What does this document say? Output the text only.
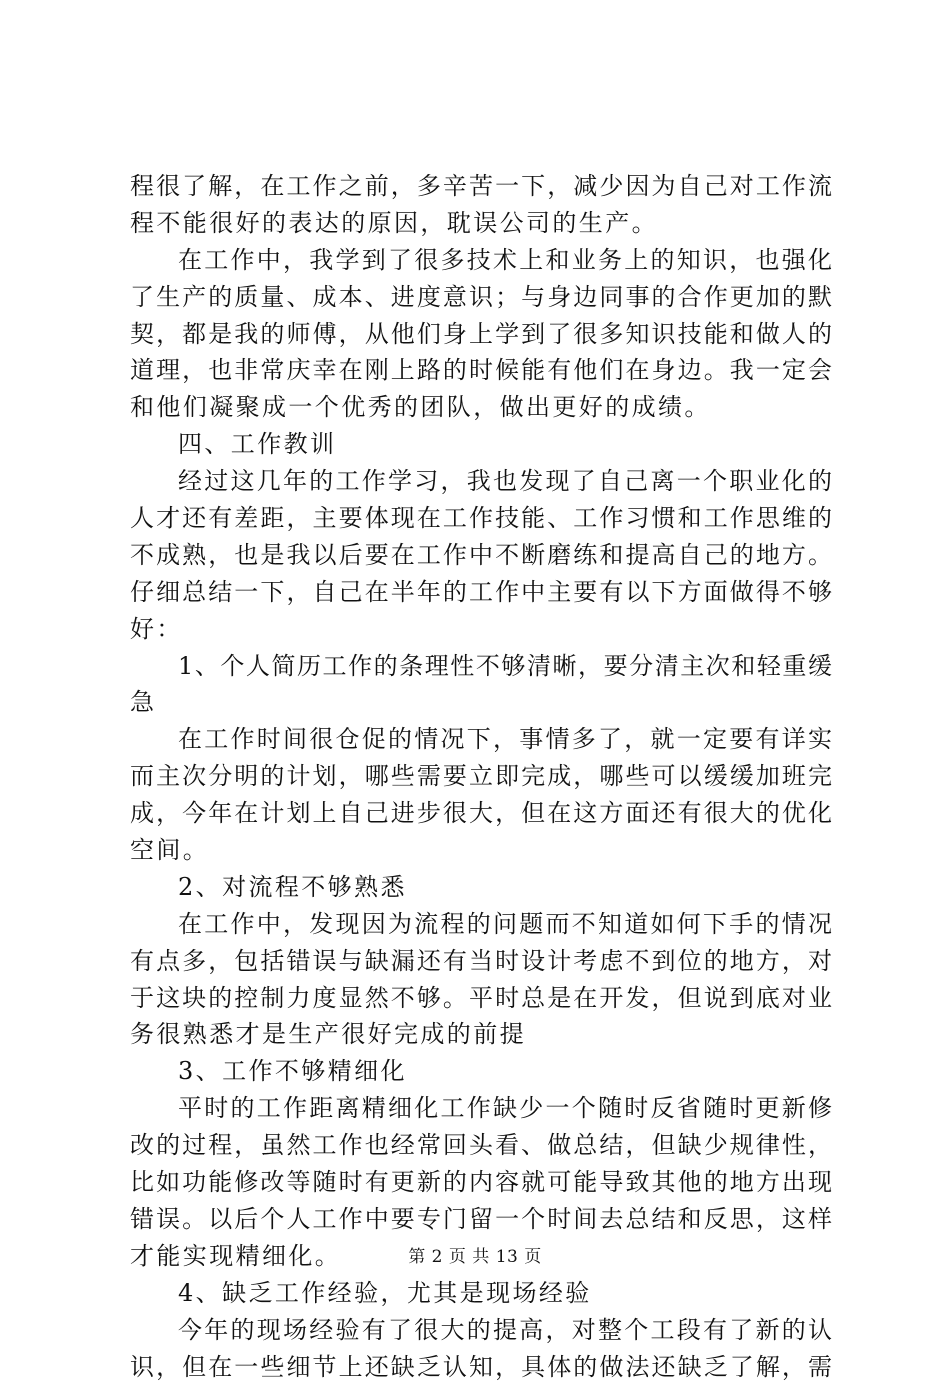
程很了解，在工作之前，多辛苦一下，减少因为自己对工作流
程不能很好的表达的原因，耽误公司的生产。
在工作中，我学到了很多技术上和业务上的知识，也强化
了生产的质量、成本、进度意识；与身边同事的合作更加的默
契，都是我的师傅，从他们身上学到了很多知识技能和做人的
道理，也非常庆幸在刚上路的时候能有他们在身边。我一定会
和他们凝聚成一个优秀的团队，做出更好的成绩。
四、工作教训
经过这几年的工作学习，我也发现了自己离一个职业化的
人才还有差距，主要体现在工作技能、工作习惯和工作思维的
不成熟，也是我以后要在工作中不断磨练和提高自己的地方。
仔细总结一下，自己在半年的工作中主要有以下方面做得不够
好：
1、个人简历工作的条理性不够清晰，要分清主次和轻重缓
急
在工作时间很仓促的情况下，事情多了，就一定要有详实
而主次分明的计划，哪些需要立即完成，哪些可以缓缓加班完
成，今年在计划上自己进步很大，但在这方面还有很大的优化
空间。
2、对流程不够熟悉
在工作中，发现因为流程的问题而不知道如何下手的情况
有点多，包括错误与缺漏还有当时设计考虑不到位的地方，对
于这块的控制力度显然不够。平时总是在开发，但说到底对业
务很熟悉才是生产很好完成的前提
3、工作不够精细化
平时的工作距离精细化工作缺少一个随时反省随时更新修
改的过程，虽然工作也经常回头看、做总结，但缺少规律性，
比如功能修改等随时有更新的内容就可能导致其他的地方出现
错误。以后个人工作中要专门留一个时间去总结和反思，这样
才能实现精细化。
4、缺乏工作经验，尤其是现场经验
今年的现场经验有了很大的提高，对整个工段有了新的认
识，但在一些细节上还缺乏认知，具体的做法还缺乏了解，需
第 2 页 共 13 页
